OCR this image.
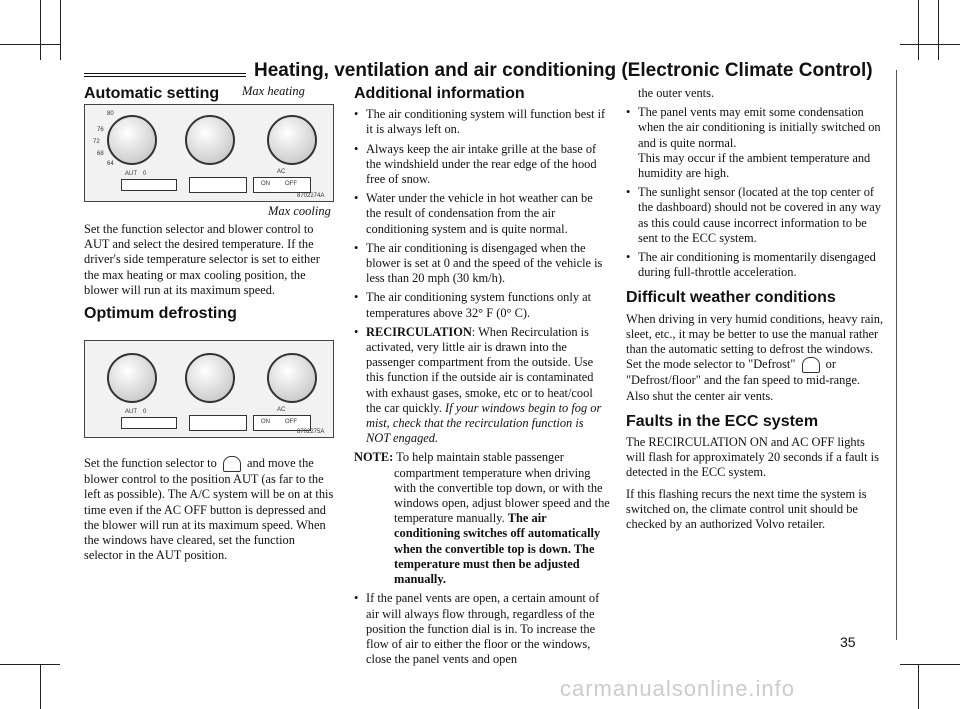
Heating, ventilation and air conditioning (Electronic Climate Control)
Automatic setting	Max heating
80
76
72
68
64
AUT 0	AC
ON	OFF
8702274A
Max cooling

Set the function selector and blower control to AUT and select the desired temperature. If the driver's side temperature selector is set to either the max heating or max cooling position, the blower will run at its maximum speed.

Optimum defrosting
AUT 0	AC
ON	OFF
8702275A

Set the function selector to and move the blower control to the position AUT (as far to the left as possible). The A/C system will be on at this time even if the AC OFF button is depressed and the blower will run at its maximum speed. When the windows have cleared, set the function selector in the AUT position.

Additional information
• The air conditioning system will function best if it is always left on.
• Always keep the air intake grille at the base of the windshield under the rear edge of the hood free of snow.
• Water under the vehicle in hot weather can be the result of condensation from the air conditioning system and is quite normal.
• The air conditioning is disengaged when the blower is set at 0 and the speed of the vehicle is less than 20 mph (30 km/h).
• The air conditioning system functions only at temperatures above 32° F (0° C).
• RECIRCULATION: When Recirculation is activated, very little air is drawn into the passenger compartment from the outside. Use this function if the outside air is contaminated with exhaust gases, smoke, etc or to heat/cool the car quickly. If your windows begin to fog or mist, check that the recirculation function is NOT engaged.
NOTE: To help maintain stable passenger compartment temperature when driving with the convertible top down, or with the windows open, adjust blower speed and the temperature manually. The air conditioning switches off automatically when the convertible top is down. The temperature must then be adjusted manually.
• If the panel vents are open, a certain amount of air will always flow through, regardless of the position the function dial is in. To increase the flow of air to either the floor or the windows, close the panel vents and open

the outer vents.

• The panel vents may emit some condensation when the air conditioning is initially switched on and is quite normal.
This may occur if the ambient temperature and humidity are high.
• The sunlight sensor (located at the top center of the dashboard) should not be covered in any way as this could cause incorrect information to be sent to the ECC system.
• The air conditioning is momentarily disengaged during full-throttle acceleration.
Difficult weather conditions

When driving in very humid conditions, heavy rain, sleet, etc., it may be better to use the manual rather than the automatic setting to defrost the windows. Set the mode selector to "Defrost" or "Defrost/floor" and the fan speed to mid-range. Also shut the center air vents.

Faults in the ECC system

The RECIRCULATION ON and AC OFF lights will flash for approximately 20 seconds if a fault is detected in the ECC system.

If this flashing recurs the next time the system is switched on, the climate control unit should be checked by an authorized Volvo retailer.

35
carmanualsonline.info
